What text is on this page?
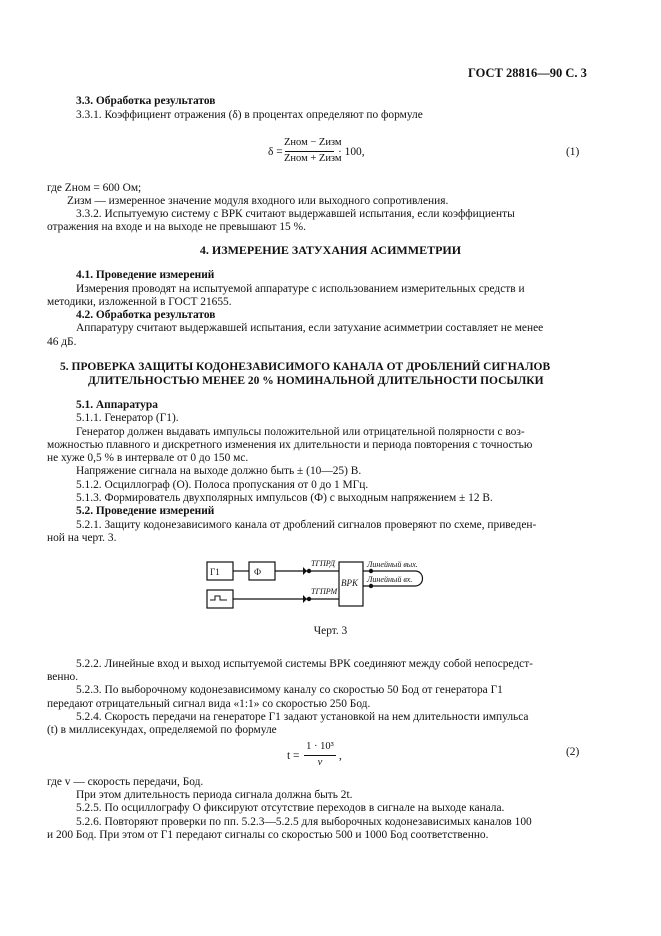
ГОСТ 28816—90 С. 3
3.3. Обработка результатов
3.3.1. Коэффициент отражения (δ) в процентах определяют по формуле
δ =
Zном − Zизм
Zном + Zизм
· 100,	(1)
где Zном = 600 Ом;
Zизм — измеренное значение модуля входного или выходного сопротивления.
3.3.2. Испытуемую систему с ВРК считают выдержавшей испытания, если коэффициенты
отражения на входе и на выходе не превышают 15 %.
4. ИЗМЕРЕНИЕ ЗАТУХАНИЯ АСИММЕТРИИ
4.1. Проведение измерений
Измерения проводят на испытуемой аппаратуре с использованием измерительных средств и
методики, изложенной в ГОСТ 21655.
4.2. Обработка результатов
Аппаратуру считают выдержавшей испытания, если затухание асимметрии составляет не менее
46 дБ.
5. ПРОВЕРКА ЗАЩИТЫ КОДОНЕЗАВИСИМОГО КАНАЛА ОТ ДРОБЛЕНИЙ СИГНАЛОВ
ДЛИТЕЛЬНОСТЬЮ МЕНЕЕ 20 % НОМИНАЛЬНОЙ ДЛИТЕЛЬНОСТИ ПОСЫЛКИ
5.1. Аппаратура
5.1.1. Генератор (Г1).
Генератор должен выдавать импульсы положительной или отрицательной полярности с воз-
можностью плавного и дискретного изменения их длительности и периода повторения с точностью
не хуже 0,5 % в интервале от 0 до 150 мс.
Напряжение сигнала на выходе должно быть ± (10—25) В.
5.1.2. Осциллограф (О). Полоса пропускания от 0 до 1 МГц.
5.1.3. Формирователь двухполярных импульсов (Ф) с выходным напряжением ± 12 В.
5.2. Проведение измерений
5.2.1. Защиту кодонезависимого канала от дроблений сигналов проверяют по схеме, приведен-
ной на черт. 3.
Г1	Ф
ВРК
ТГПРД
ТГПРМ
Линейный вых.
Линейный вх.
Черт. 3
5.2.2. Линейные вход и выход испытуемой системы ВРК соединяют между собой непосредст-
венно.
5.2.3. По выборочному кодонезависимому каналу со скоростью 50 Бод от генератора Г1
передают отрицательный сигнал вида «1:1» со скоростью 250 Бод.
5.2.4. Скорость передачи на генераторе Г1 задают установкой на нем длительности импульса
(t) в миллисекундах, определяемой по формуле
t =
1 · 10³
v
,	(2)
где v — скорость передачи, Бод.
При этом длительность периода сигнала должна быть 2t.
5.2.5. По осциллографу О фиксируют отсутствие переходов в сигнале на выходе канала.
5.2.6. Повторяют проверки по пп. 5.2.3—5.2.5 для выборочных кодонезависимых каналов 100
и 200 Бод. При этом от Г1 передают сигналы со скоростью 500 и 1000 Бод соответственно.
